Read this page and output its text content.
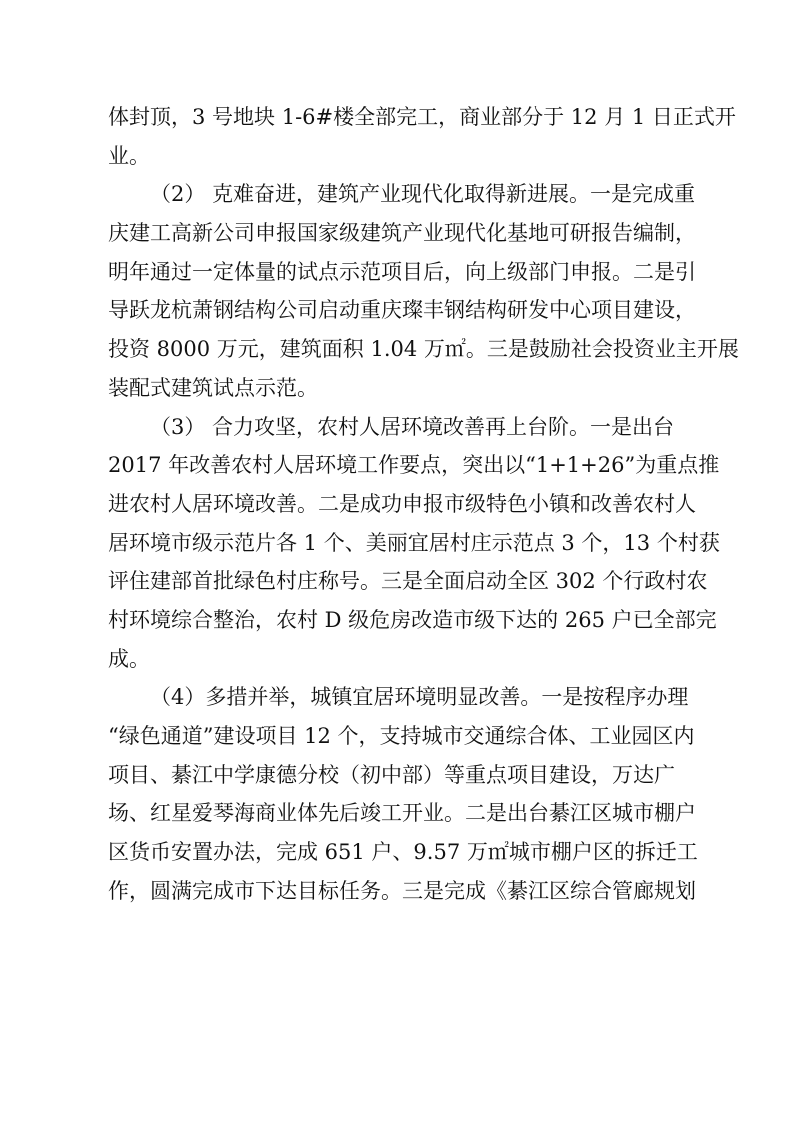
体封顶，3 号地块 1-6#楼全部完工，商业部分于 12 月 1 日正式开
业。
（2） 克难奋进，建筑产业现代化取得新进展。一是完成重
庆建工高新公司申报国家级建筑产业现代化基地可研报告编制，
明年通过一定体量的试点示范项目后，向上级部门申报。二是引
导跃龙杭萧钢结构公司启动重庆璨丰钢结构研发中心项目建设，
投资 8000 万元，建筑面积 1.04 万㎡。三是鼓励社会投资业主开展
装配式建筑试点示范。
（3） 合力攻坚，农村人居环境改善再上台阶。一是出台
2017 年改善农村人居环境工作要点，突出以“1+1+26”为重点推
进农村人居环境改善。二是成功申报市级特色小镇和改善农村人
居环境市级示范片各 1 个、美丽宜居村庄示范点 3 个，13 个村获
评住建部首批绿色村庄称号。三是全面启动全区 302 个行政村农
村环境综合整治，农村 D 级危房改造市级下达的 265 户已全部完
成。
（4）多措并举，城镇宜居环境明显改善。一是按程序办理
“绿色通道”建设项目 12 个，支持城市交通综合体、工业园区内
项目、綦江中学康德分校（初中部）等重点项目建设，万达广
场、红星爱琴海商业体先后竣工开业。二是出台綦江区城市棚户
区货币安置办法，完成 651 户、9.57 万㎡城市棚户区的拆迁工
作，圆满完成市下达目标任务。三是完成《綦江区综合管廊规划
